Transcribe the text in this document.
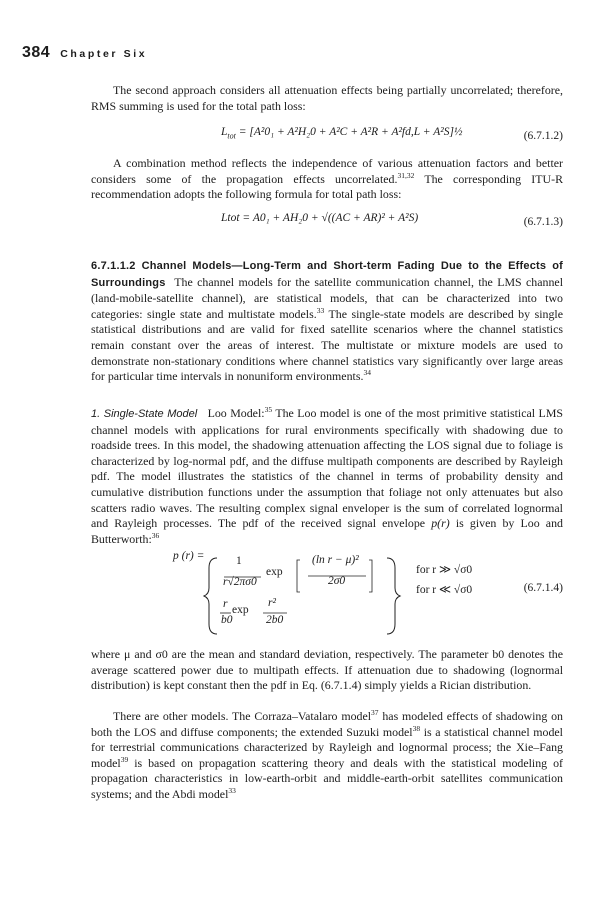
384 Chapter Six

The second approach considers all attenuation effects being partially uncorrelated; therefore, RMS summing is used for the total path loss:

$L_{tot} = [A^20_1 + A^2H_20 + A^2C + A^2R + A^2fd,L$ + A²S]½	(6.7.1.2)

A combination method reflects the independence of various attenuation factors and better considers some of the propagation effects uncorrelated.$^{31,32}$ The corresponding ITU-R recommendation adopts the following formula for total path loss:

Ltot = A0₁ + AH₂0 + √((AC + AR)² + A²S)	(6.7.1.3)

6.7.1.1.2 Channel Models—Long-Term and Short-term Fading Due to the Effects of Surroundings The channel models for the satellite communication channel, the LMS channel (land-mobile-satellite channel), are statistical models, that can be characterized into two categories: single state and multistate models.$^{33}$ The single-state models are described by single statistical distributions and are valid for fixed satellite scenarios where the channel statistics remain constant over the areas of interest. The multistate or mixture models are used to demonstrate non-stationary conditions where channel statistics vary significantly over large areas for particular time intervals in nonuniform environments.$^{34}$

1. Single-State Model Loo Model:$^{35}$ The Loo model is one of the most primitive statistical LMS channel models with applications for rural environments specifically with shadowing due to roadside trees. In this model, the shadowing attenuation affecting the LOS signal due to foliage is characterized by log-normal pdf, and the diffuse multipath components are described by Rayleigh pdf. The model illustrates the statistics of the channel in terms of probability density and cumulative distribution functions under the assumption that foliage not only attenuates but also scatters radio waves. The resulting complex signal enveloper is the sum of correlated lognormal and Rayleigh processes. The pdf of the received signal envelope p(r) is given by Loo and Butterworth:$^{36}$

p (r) =	1
r√2πσ0
exp
(ln r − μ)²
2σ0
r
b0
exp
r²
2b0
for r ≫ √σ0
for r ≪ √σ0	(6.7.1.4)

where μ and σ0 are the mean and standard deviation, respectively. The parameter b0 denotes the average scattered power due to multipath effects. If attenuation due to shadowing (lognormal distribution) is kept constant then the pdf in Eq. (6.7.1.4) simply yields a Rician distribution.

There are other models. The Corraza–Vatalaro model$^{37}$ has modeled effects of shadowing on both the LOS and diffuse components; the extended Suzuki model$^{38}$ is a statistical channel model for terrestrial communications characterized by Rayleigh and lognormal process; the Xie–Fang model$^{39}$ is based on propagation scattering theory and deals with the statistical modeling of propagation characteristics in low-earth-orbit and middle-earth-orbit satellites communication systems; and the Abdi model$^{33}$
